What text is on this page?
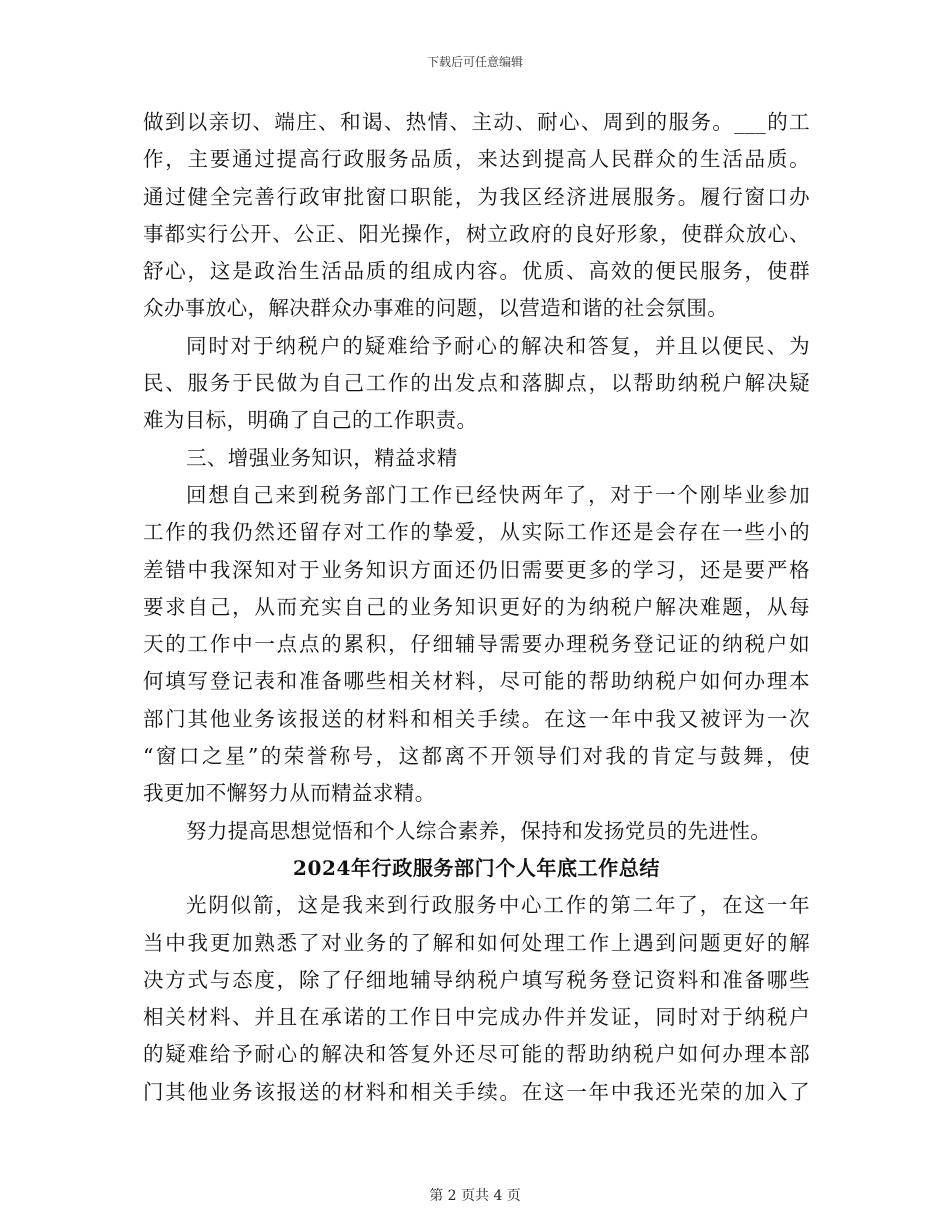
下载后可任意编辑
做到以亲切、端庄、和谒、热情、主动、耐心、周到的服务。___的工
作，主要通过提高行政服务品质，来达到提高人民群众的生活品质。
通过健全完善行政审批窗口职能，为我区经济进展服务。履行窗口办
事都实行公开、公正、阳光操作，树立政府的良好形象，使群众放心、
舒心，这是政治生活品质的组成内容。优质、高效的便民服务，使群
众办事放心，解决群众办事难的问题，以营造和谐的社会氛围。
同时对于纳税户的疑难给予耐心的解决和答复，并且以便民、为
民、服务于民做为自己工作的出发点和落脚点，以帮助纳税户解决疑
难为目标，明确了自己的工作职责。
三、增强业务知识，精益求精
回想自己来到税务部门工作已经快两年了，对于一个刚毕业参加
工作的我仍然还留存对工作的挚爱，从实际工作还是会存在一些小的
差错中我深知对于业务知识方面还仍旧需要更多的学习，还是要严格
要求自己，从而充实自己的业务知识更好的为纳税户解决难题，从每
天的工作中一点点的累积，仔细辅导需要办理税务登记证的纳税户如
何填写登记表和准备哪些相关材料，尽可能的帮助纳税户如何办理本
部门其他业务该报送的材料和相关手续。在这一年中我又被评为一次
“窗口之星”的荣誉称号，这都离不开领导们对我的肯定与鼓舞，使
我更加不懈努力从而精益求精。
努力提高思想觉悟和个人综合素养，保持和发扬党员的先进性。
2024年行政服务部门个人年底工作总结
光阴似箭，这是我来到行政服务中心工作的第二年了，在这一年
当中我更加熟悉了对业务的了解和如何处理工作上遇到问题更好的解
决方式与态度，除了仔细地辅导纳税户填写税务登记资料和准备哪些
相关材料、并且在承诺的工作日中完成办件并发证，同时对于纳税户
的疑难给予耐心的解决和答复外还尽可能的帮助纳税户如何办理本部
门其他业务该报送的材料和相关手续。在这一年中我还光荣的加入了
第 2 页共 4 页
